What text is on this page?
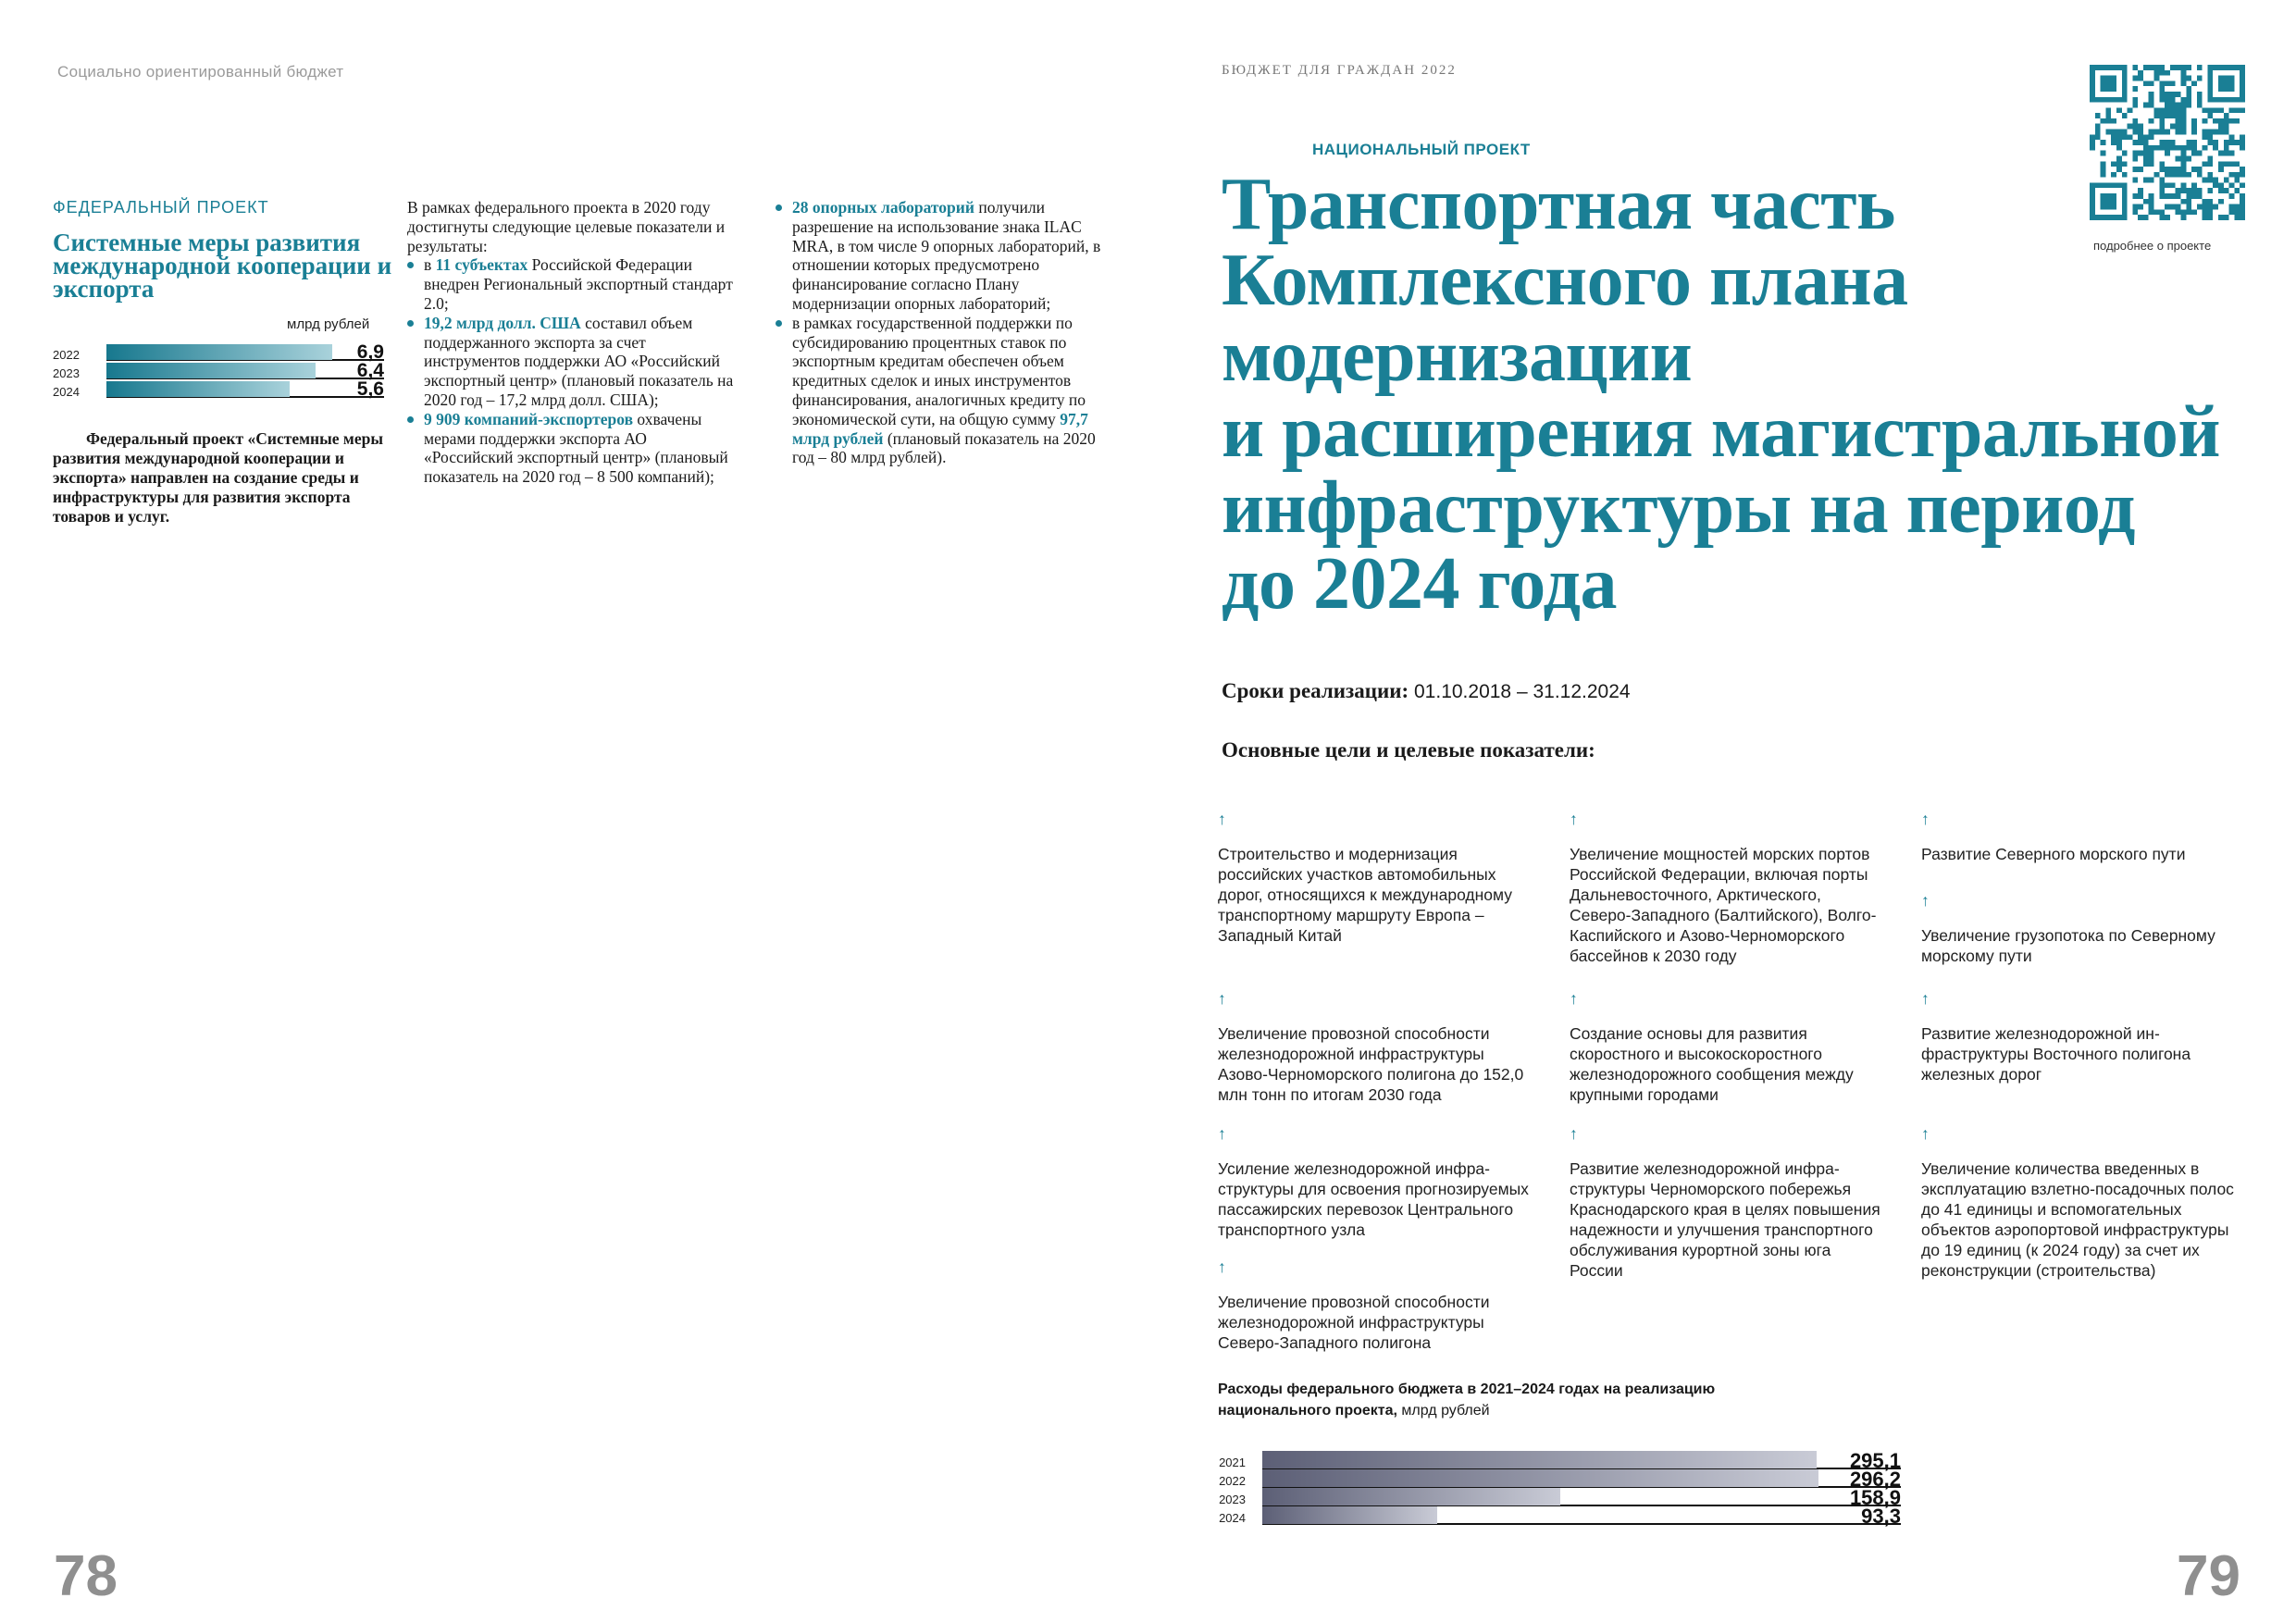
Социально ориентированный бюджет
ФЕДЕРАЛЬНЫЙ ПРОЕКТ
Системные меры развития международной кооперации и экспорта
млрд рублей
2022	6,9
2023	6,4
2024	5,6
Федеральный проект «Системные меры развития международной кооперации и экспорта» направлен на создание среды и инфраструктуры для развития экспорта товаров и услуг.

В рамках федерального проекта в 2020 году достигнуты следующие целевые показатели и результаты:

в 11 субъектах Российской Федерации внедрен Региональный экспортный стандарт 2.0;
19,2 млрд долл. США составил объем поддержанного экспорта за счет инструментов поддержки АО «Российский экспортный центр» (плановый показатель на 2020 год – 17,2 млрд долл. США);
9 909 компаний-экспортеров охвачены мерами поддержки экспорта АО «Российский экспортный центр» (плановый показатель на 2020 год – 8 500 компаний);
28 опорных лабораторий получили разрешение на использование знака ILAC MRA, в том числе 9 опорных лабораторий, в отношении которых предусмотрено финансирование согласно Плану модернизации опорных лабораторий;
в рамках государственной поддержки по субсидированию процентных ставок по экспортным кредитам обеспечен объем кредитных сделок и иных инструментов финансирования, аналогичных кредиту по экономической сути, на общую сумму 97,7 млрд рублей (плановый показатель на 2020 год – 80 млрд рублей).
78
БЮДЖЕТ ДЛЯ ГРАЖДАН 2022
подробнее о проекте
НАЦИОНАЛЬНЫЙ ПРОЕКТ
Транспортная часть
Комплексного плана
модернизации
и расширения магистральной
инфраструктуры на период
до 2024 года
Сроки реализации: 01.10.2018 – 31.12.2024
Основные цели и целевые показатели:
↑
Строительство и модернизация российских участков автомобильных дорог, относящихся к международному транспортному маршруту Европа – Западный Китай
↑
Увеличение мощностей морских портов Российской Федерации, включая порты Дальневосточного, Арктического, Северо-Западного (Балтийского), Волго-Каспийского и Азово-Черноморского бассейнов к 2030 году
↑
Развитие Северного морского пути
↑
Увеличение грузопотока по Северному морскому пути
↑
Увеличение провозной способности железнодорожной инфраструктуры Азово-Черноморского полигона до 152,0 млн тонн по итогам 2030 года
↑
Создание основы для развития скоростного и высокоскоростного железнодорожного сообщения между крупными городами
↑
Развитие железнодорожной инфраструктуры Восточного полигона железных дорог
↑
Усиление железнодорожной инфраструктуры для освоения прогнозируемых пассажирских перевозок Центрального транспортного узла
↑
Развитие железнодорожной инфраструктуры Черноморского побережья Краснодарского края в целях повышения надежности и улучшения транспортного обслуживания курортной зоны юга России
↑
Увеличение количества введенных в эксплуатацию взлетно-посадочных полос до 41 единицы и вспомогательных объектов аэропортовой инфраструктуры до 19 единиц (к 2024 году) за счет их реконструкции (строительства)
↑
Увеличение провозной способности железнодорожной инфраструктуры Северо-Западного полигона
Расходы федерального бюджета в 2021–2024 годах на реализацию национального проекта, млрд рублей
2021	295,1
2022	296,2
2023	158,9
2024	93,3
79
